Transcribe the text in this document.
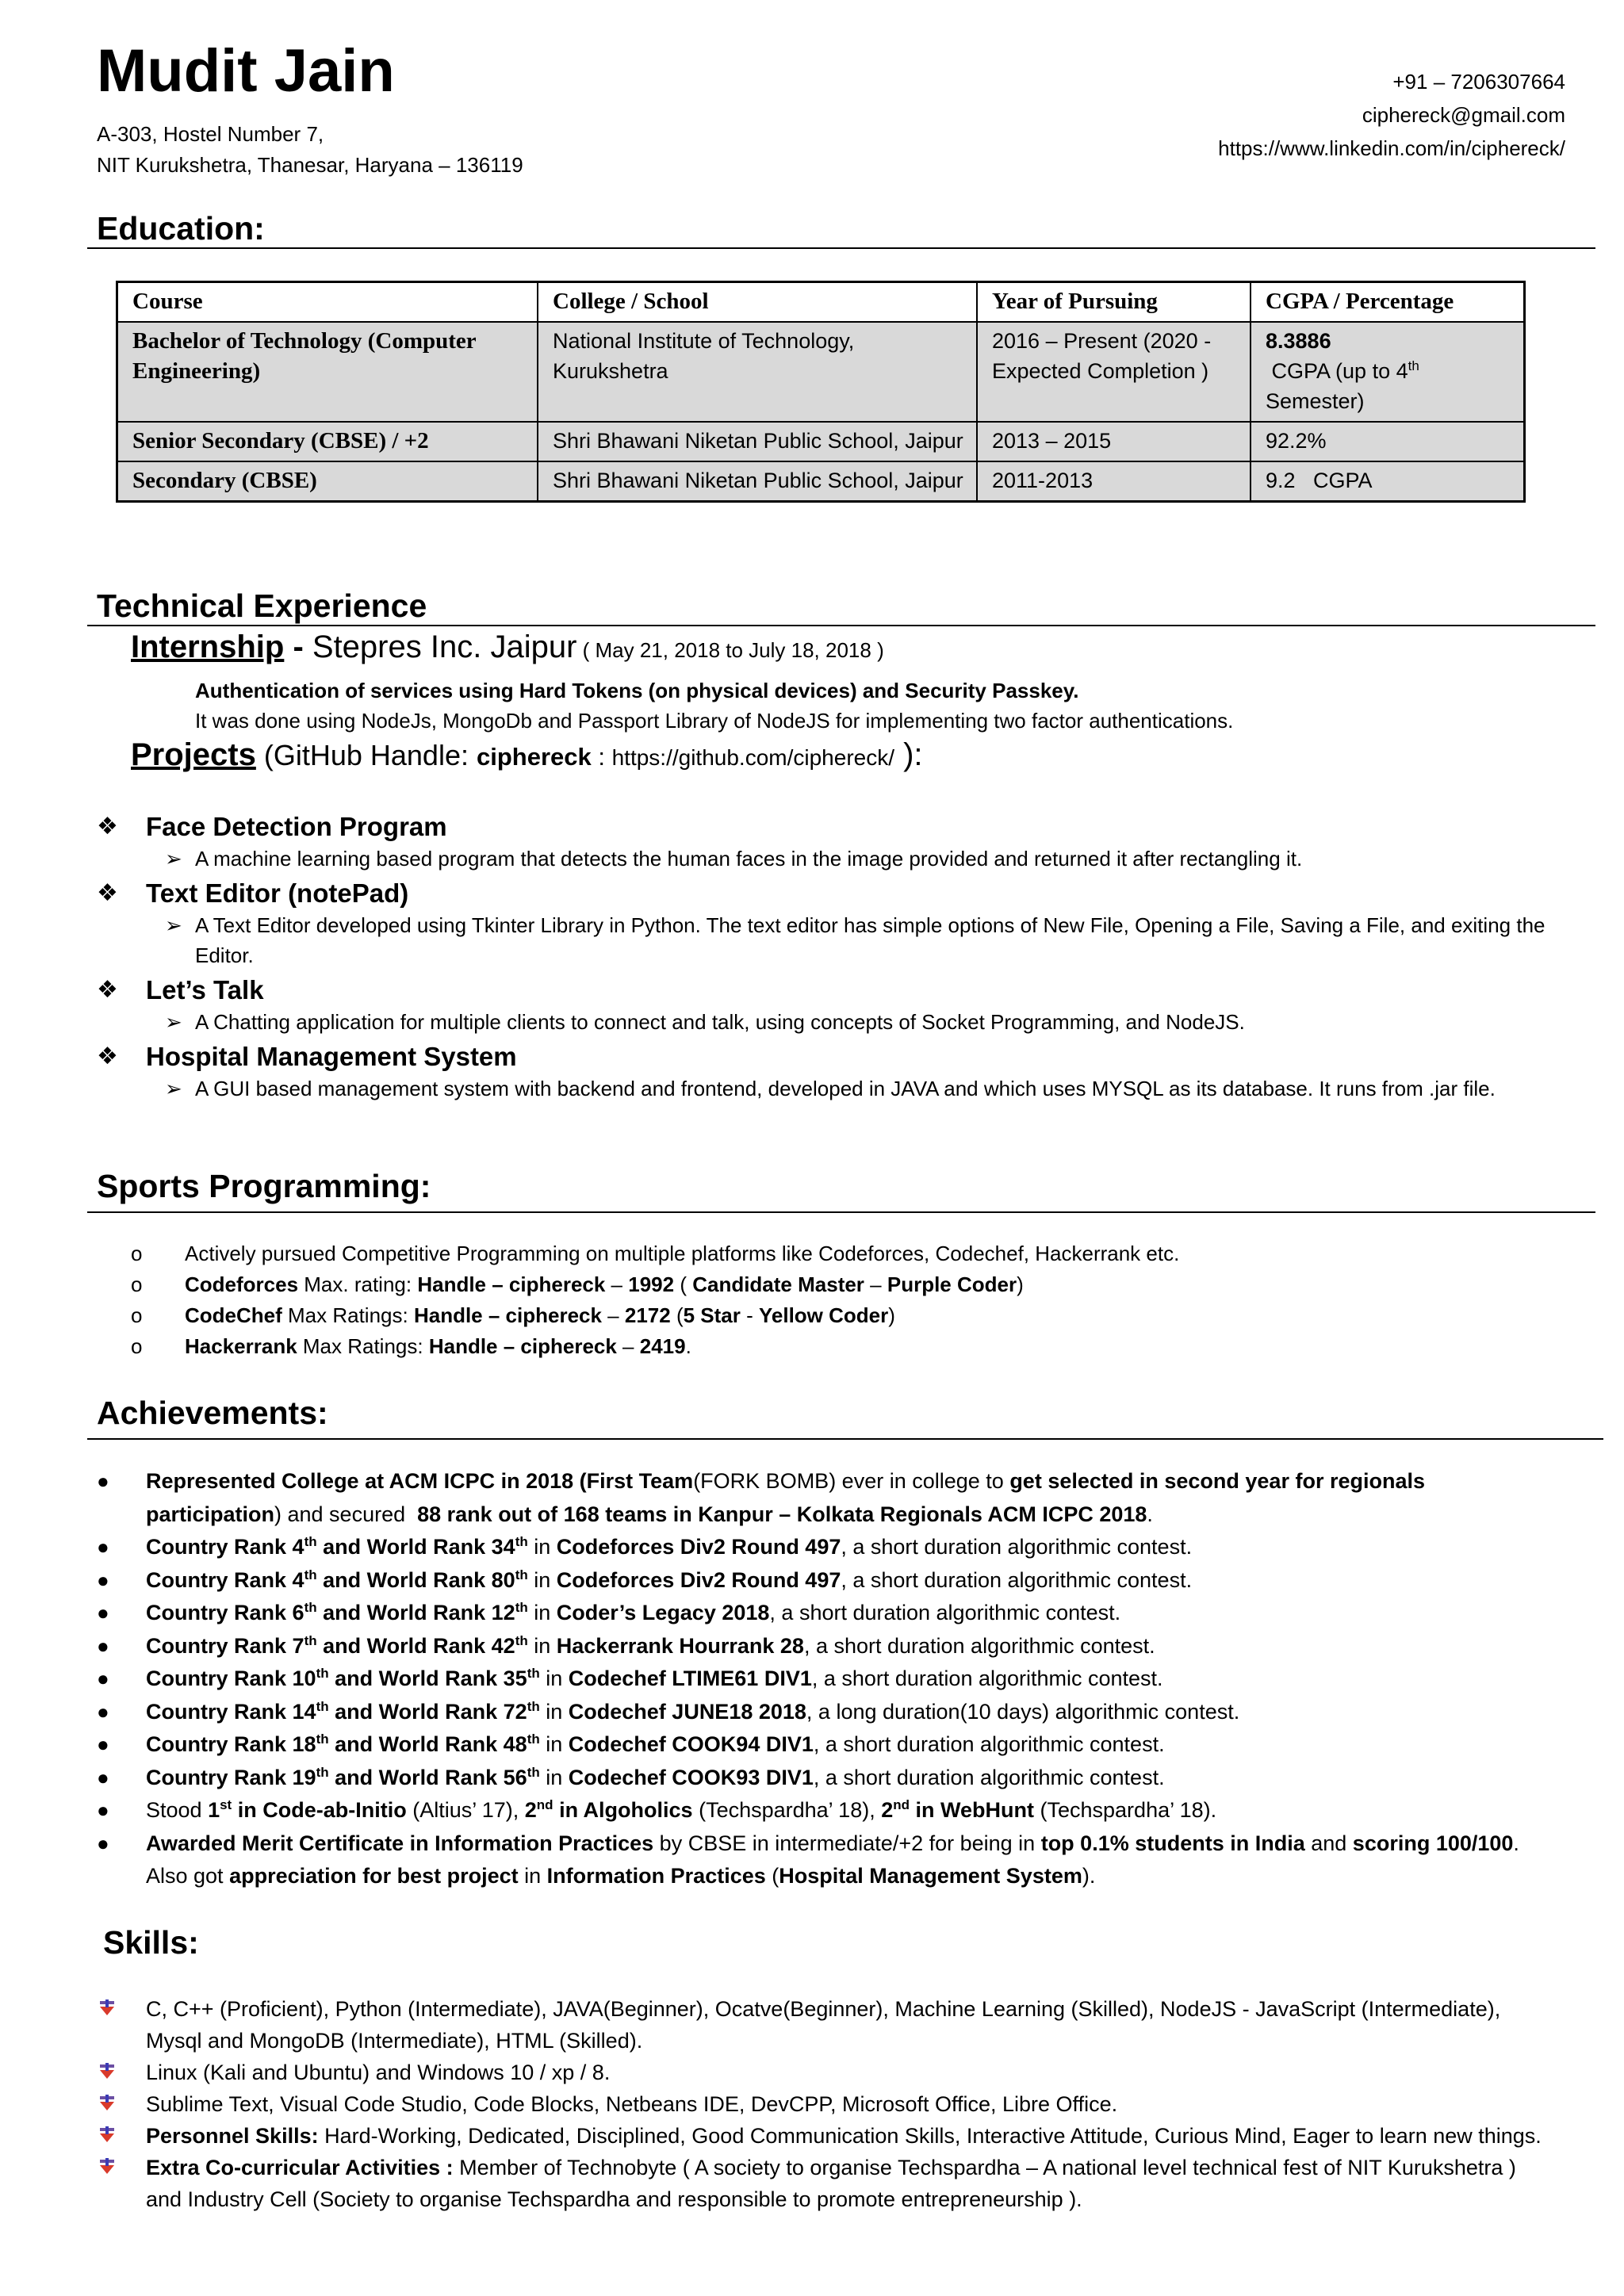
Mudit Jain
A-303, Hostel Number 7,
NIT Kurukshetra, Thanesar, Haryana – 136119
+91 – 7206307664
ciphereck@gmail.com
https://www.linkedin.com/in/ciphereck/
Education:
Course	College / School	Year of Pursuing	CGPA / Percentage
Bachelor of Technology (Computer Engineering)	National Institute of Technology, Kurukshetra	2016 – Present (2020 - Expected Completion )	8.3886
CGPA (up to 4th Semester)
Senior Secondary (CBSE) / +2	Shri Bhawani Niketan Public School, Jaipur	2013 – 2015	92.2%
Secondary (CBSE)	Shri Bhawani Niketan Public School, Jaipur	2011-2013	9.2   CGPA
Technical Experience
Internship - Stepres Inc. Jaipur ( May 21, 2018 to July 18, 2018 )
Authentication of services using Hard Tokens (on physical devices) and Security Passkey.
It was done using NodeJs, MongoDb and Passport Library of NodeJS for implementing two factor authentications.
Projects (GitHub Handle: ciphereck : https://github.com/ciphereck/ ):
❖ Face Detection Program
➢ A machine learning based program that detects the human faces in the image provided and returned it after rectangling it.
❖ Text Editor (notePad)
➢ A Text Editor developed using Tkinter Library in Python. The text editor has simple options of New File, Opening a File, Saving a File, and exiting the Editor.
❖ Let’s Talk
➢ A Chatting application for multiple clients to connect and talk, using concepts of Socket Programming, and NodeJS.
❖ Hospital Management System
➢ A GUI based management system with backend and frontend, developed in JAVA and which uses MYSQL as its database. It runs from .jar file.
Sports Programming:
o Actively pursued Competitive Programming on multiple platforms like Codeforces, Codechef, Hackerrank etc.
o Codeforces Max. rating: Handle – ciphereck – 1992 ( Candidate Master – Purple Coder)
o CodeChef Max Ratings: Handle – ciphereck – 2172 (5 Star - Yellow Coder)
o Hackerrank Max Ratings: Handle – ciphereck – 2419.
Achievements:
● Represented College at ACM ICPC in 2018 (First Team(FORK BOMB) ever in college to get selected in second year for regionals participation) and secured  88 rank out of 168 teams in Kanpur – Kolkata Regionals ACM ICPC 2018.
● Country Rank 4th and World Rank 34th in Codeforces Div2 Round 497, a short duration algorithmic contest.
● Country Rank 4th and World Rank 80th in Codeforces Div2 Round 497, a short duration algorithmic contest.
● Country Rank 6th and World Rank 12th in Coder’s Legacy 2018, a short duration algorithmic contest.
● Country Rank 7th and World Rank 42th in Hackerrank Hourrank 28, a short duration algorithmic contest.
● Country Rank 10th and World Rank 35th in Codechef LTIME61 DIV1, a short duration algorithmic contest.
● Country Rank 14th and World Rank 72th in Codechef JUNE18 2018, a long duration(10 days) algorithmic contest.
● Country Rank 18th and World Rank 48th in Codechef COOK94 DIV1, a short duration algorithmic contest.
● Country Rank 19th and World Rank 56th in Codechef COOK93 DIV1, a short duration algorithmic contest.
● Stood 1st in Code-ab-Initio (Altius’ 17), 2nd in Algoholics (Techspardha’ 18), 2nd in WebHunt (Techspardha’ 18).
● Awarded Merit Certificate in Information Practices by CBSE in intermediate/+2 for being in top 0.1% students in India and scoring 100/100. Also got appreciation for best project in Information Practices (Hospital Management System).
Skills:
C, C++ (Proficient), Python (Intermediate), JAVA(Beginner), Ocatve(Beginner), Machine Learning (Skilled), NodeJS - JavaScript (Intermediate), Mysql and MongoDB (Intermediate), HTML (Skilled).
Linux (Kali and Ubuntu) and Windows 10 / xp / 8.
Sublime Text, Visual Code Studio, Code Blocks, Netbeans IDE, DevCPP, Microsoft Office, Libre Office.
Personnel Skills: Hard-Working, Dedicated, Disciplined, Good Communication Skills, Interactive Attitude, Curious Mind, Eager to learn new things.
Extra Co-curricular Activities : Member of Technobyte ( A society to organise Techspardha – A national level technical fest of NIT Kurukshetra ) and Industry Cell (Society to organise Techspardha and responsible to promote entrepreneurship ).
